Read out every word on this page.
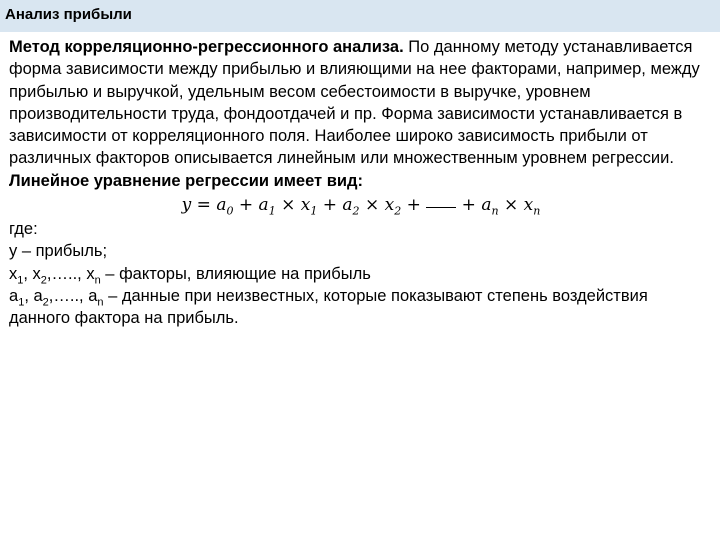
Анализ прибыли

Метод корреляционно-регрессионного анализа. По данному методу устанавливается форма зависимости между прибылью и влияющими на нее факторами, например, между прибылью и выручкой, удельным весом себестоимости в выручке, уровнем производительности труда, фондоотдачей и пр. Форма зависимости устанавливается в зависимости от корреляционного поля. Наиболее широко зависимость прибыли от различных факторов описывается линейным или множественным уровнем регрессии.

Линейное уравнение регрессии имеет вид:

$y = a_0 + a_1 \times x_1 + a_2 \times x_2$ +  + $a_n \times x_n$

где:

y – прибыль;

$x_1$, $x_2,\dots$.., $x_n$ – факторы, влияющие на прибыль

$a_1$, $a_2,\dots$.., $a_n$ – данные при неизвестных, которые показывают степень воздействия данного фактора на прибыль.
